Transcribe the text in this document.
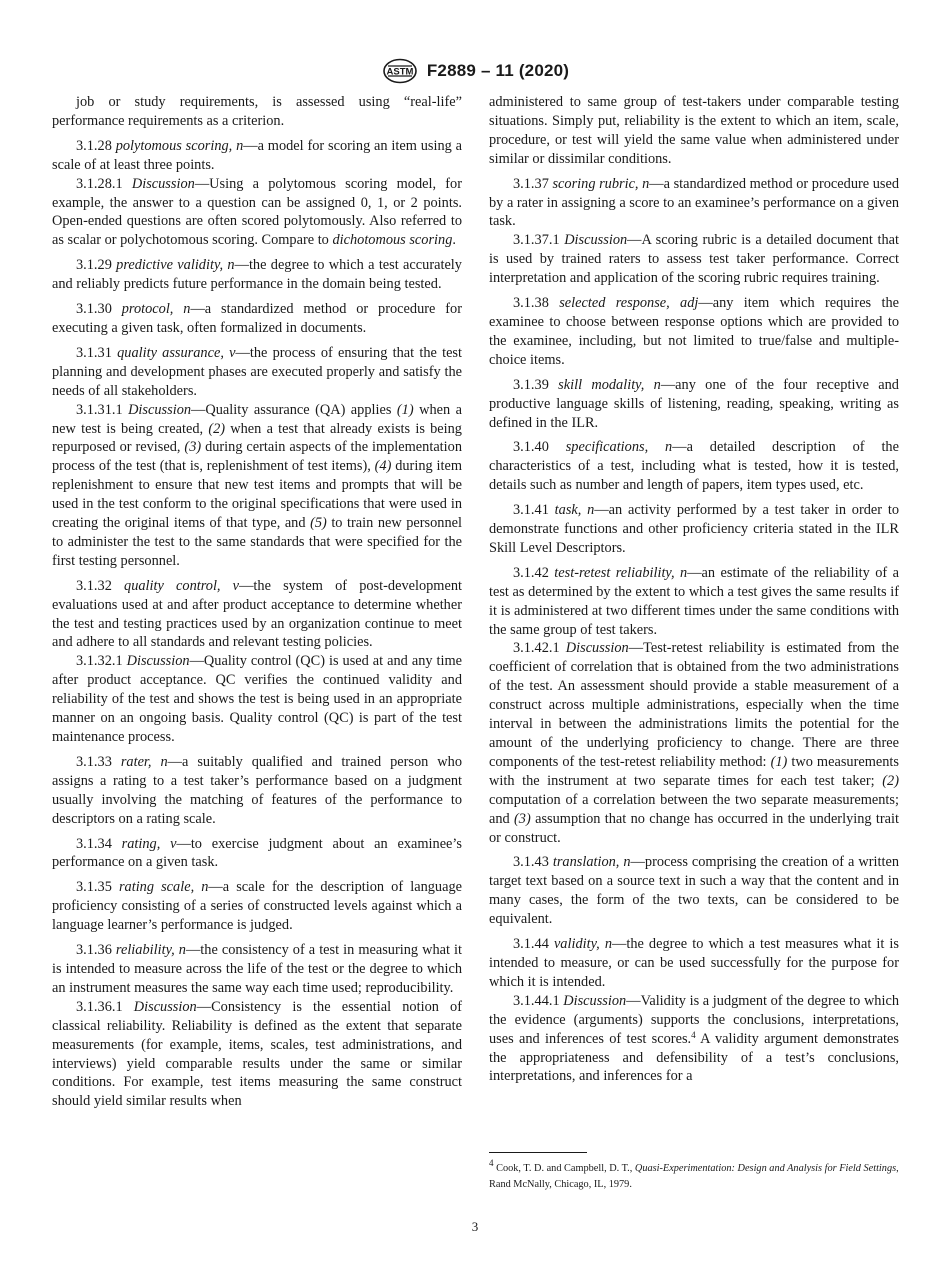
ASTM F2889 – 11 (2020)

job or study requirements, is assessed using “real-life” performance requirements as a criterion.

3.1.28 polytomous scoring, n—a model for scoring an item using a scale of at least three points.

3.1.28.1 Discussion—Using a polytomous scoring model, for example, the answer to a question can be assigned 0, 1, or 2 points. Open-ended questions are often scored polytomously. Also referred to as scalar or polychotomous scoring. Compare to dichotomous scoring.

3.1.29 predictive validity, n—the degree to which a test accurately and reliably predicts future performance in the domain being tested.

3.1.30 protocol, n—a standardized method or procedure for executing a given task, often formalized in documents.

3.1.31 quality assurance, v—the process of ensuring that the test planning and development phases are executed properly and satisfy the needs of all stakeholders.

3.1.31.1 Discussion—Quality assurance (QA) applies (1) when a new test is being created, (2) when a test that already exists is being repurposed or revised, (3) during certain aspects of the implementation process of the test (that is, replenishment of test items), (4) during item replenishment to ensure that new test items and prompts that will be used in the test conform to the original specifications that were used in creating the original items of that type, and (5) to train new personnel to administer the test to the same standards that were specified for the first testing personnel.

3.1.32 quality control, v—the system of post-development evaluations used at and after product acceptance to determine whether the test and testing practices used by an organization continue to meet and adhere to all standards and relevant testing policies.

3.1.32.1 Discussion—Quality control (QC) is used at and any time after product acceptance. QC verifies the continued validity and reliability of the test and shows the test is being used in an appropriate manner on an ongoing basis. Quality control (QC) is part of the test maintenance process.

3.1.33 rater, n—a suitably qualified and trained person who assigns a rating to a test taker’s performance based on a judgment usually involving the matching of features of the performance to descriptors on a rating scale.

3.1.34 rating, v—to exercise judgment about an examinee’s performance on a given task.

3.1.35 rating scale, n—a scale for the description of language proficiency consisting of a series of constructed levels against which a language learner’s performance is judged.

3.1.36 reliability, n—the consistency of a test in measuring what it is intended to measure across the life of the test or the degree to which an instrument measures the same way each time used; reproducibility.

3.1.36.1 Discussion—Consistency is the essential notion of classical reliability. Reliability is defined as the extent that separate measurements (for example, items, scales, test administrations, and interviews) yield comparable results under the same or similar conditions. For example, test items measuring the same construct should yield similar results when

administered to same group of test-takers under comparable testing situations. Simply put, reliability is the extent to which an item, scale, procedure, or test will yield the same value when administered under similar or dissimilar conditions.

3.1.37 scoring rubric, n—a standardized method or procedure used by a rater in assigning a score to an examinee’s performance on a given task.

3.1.37.1 Discussion—A scoring rubric is a detailed document that is used by trained raters to assess test taker performance. Correct interpretation and application of the scoring rubric requires training.

3.1.38 selected response, adj—any item which requires the examinee to choose between response options which are provided to the examinee, including, but not limited to true/false and multiple-choice items.

3.1.39 skill modality, n—any one of the four receptive and productive language skills of listening, reading, speaking, writing as defined in the ILR.

3.1.40 specifications, n—a detailed description of the characteristics of a test, including what is tested, how it is tested, details such as number and length of papers, item types used, etc.

3.1.41 task, n—an activity performed by a test taker in order to demonstrate functions and other proficiency criteria stated in the ILR Skill Level Descriptors.

3.1.42 test-retest reliability, n—an estimate of the reliability of a test as determined by the extent to which a test gives the same results if it is administered at two different times under the same conditions with the same group of test takers.

3.1.42.1 Discussion—Test-retest reliability is estimated from the coefficient of correlation that is obtained from the two administrations of the test. An assessment should provide a stable measurement of a construct across multiple administrations, especially when the time interval in between the administrations limits the potential for the amount of the underlying proficiency to change. There are three components of the test-retest reliability method: (1) two measurements with the instrument at two separate times for each test taker; (2) computation of a correlation between the two separate measurements; and (3) assumption that no change has occurred in the underlying trait or construct.

3.1.43 translation, n—process comprising the creation of a written target text based on a source text in such a way that the content and in many cases, the form of the two texts, can be considered to be equivalent.

3.1.44 validity, n—the degree to which a test measures what it is intended to measure, or can be used successfully for the purpose for which it is intended.

3.1.44.1 Discussion—Validity is a judgment of the degree to which the evidence (arguments) supports the conclusions, interpretations, uses and inferences of test scores.$^4$ A validity argument demonstrates the appropriateness and defensibility of a test’s conclusions, interpretations, and inferences for a

$^4$ Cook, T. D. and Campbell, D. T., Quasi-Experimentation: Design and Analysis for Field Settings, Rand McNally, Chicago, IL, 1979.
3
